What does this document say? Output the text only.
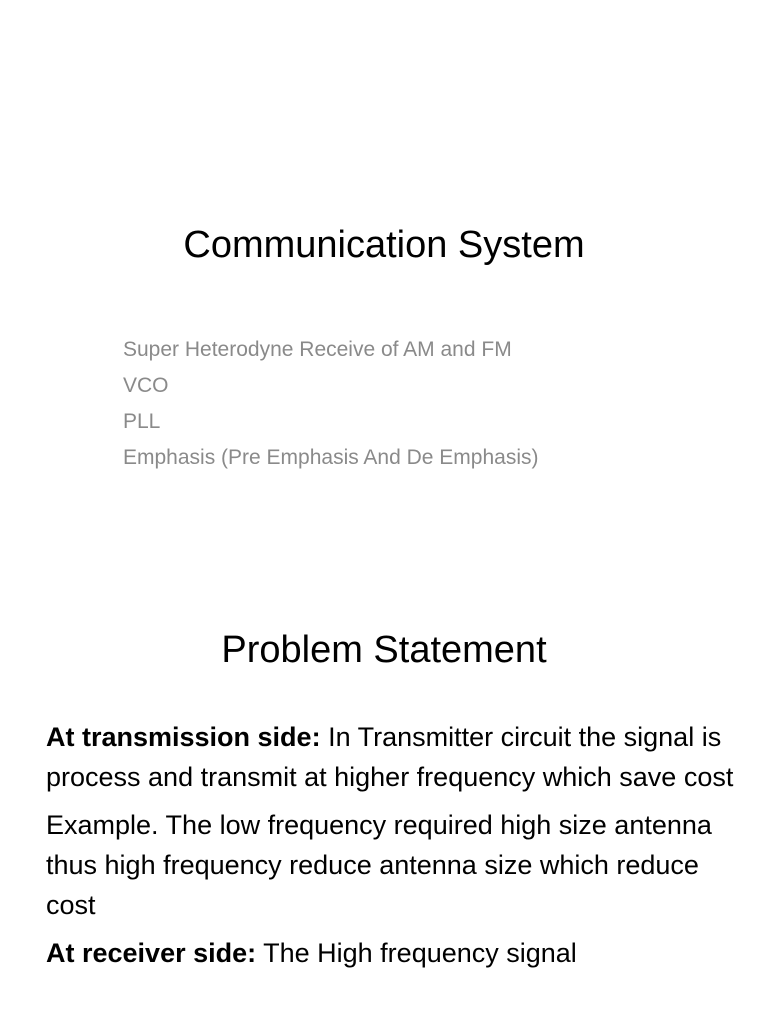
Communication System
Super Heterodyne Receive of AM and FM
VCO
PLL
Emphasis (Pre Emphasis And De Emphasis)
Problem Statement

At transmission side: In Transmitter circuit the signal is process and transmit at higher frequency which save cost

Example. The low frequency required high size antenna thus high frequency reduce antenna size which reduce cost

At receiver side: The High frequency signal
